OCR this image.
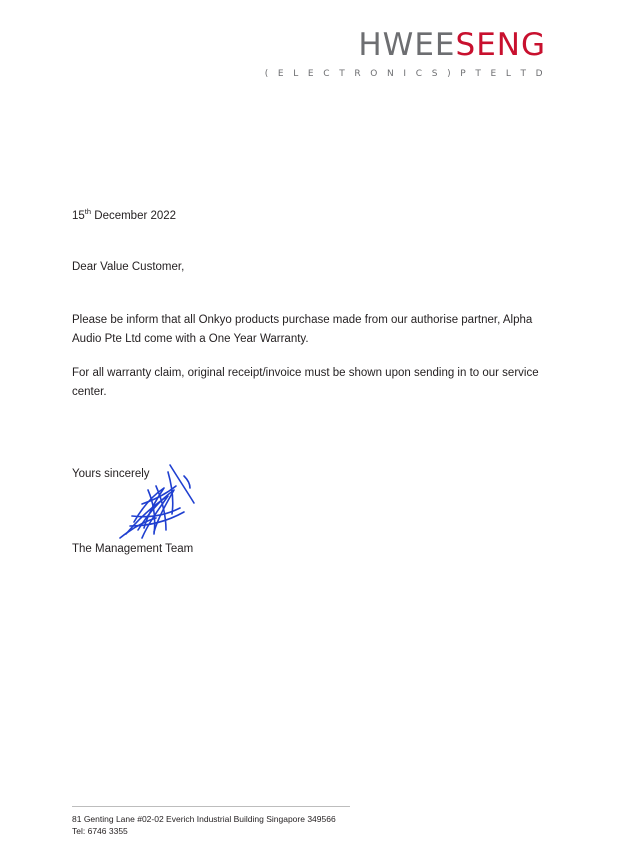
HWEESENG
( E L E C T R O N I C S ) P T E L T D

15th December 2022

Dear Value Customer,

Please be inform that all Onkyo products purchase made from our authorise partner, Alpha Audio Pte Ltd come with a One Year Warranty.

For all warranty claim, original receipt/invoice must be shown upon sending in to our service center.

Yours sincerely

The Management Team

81 Genting Lane #02-02 Everich Industrial Building Singapore 349566

Tel: 6746 3355
